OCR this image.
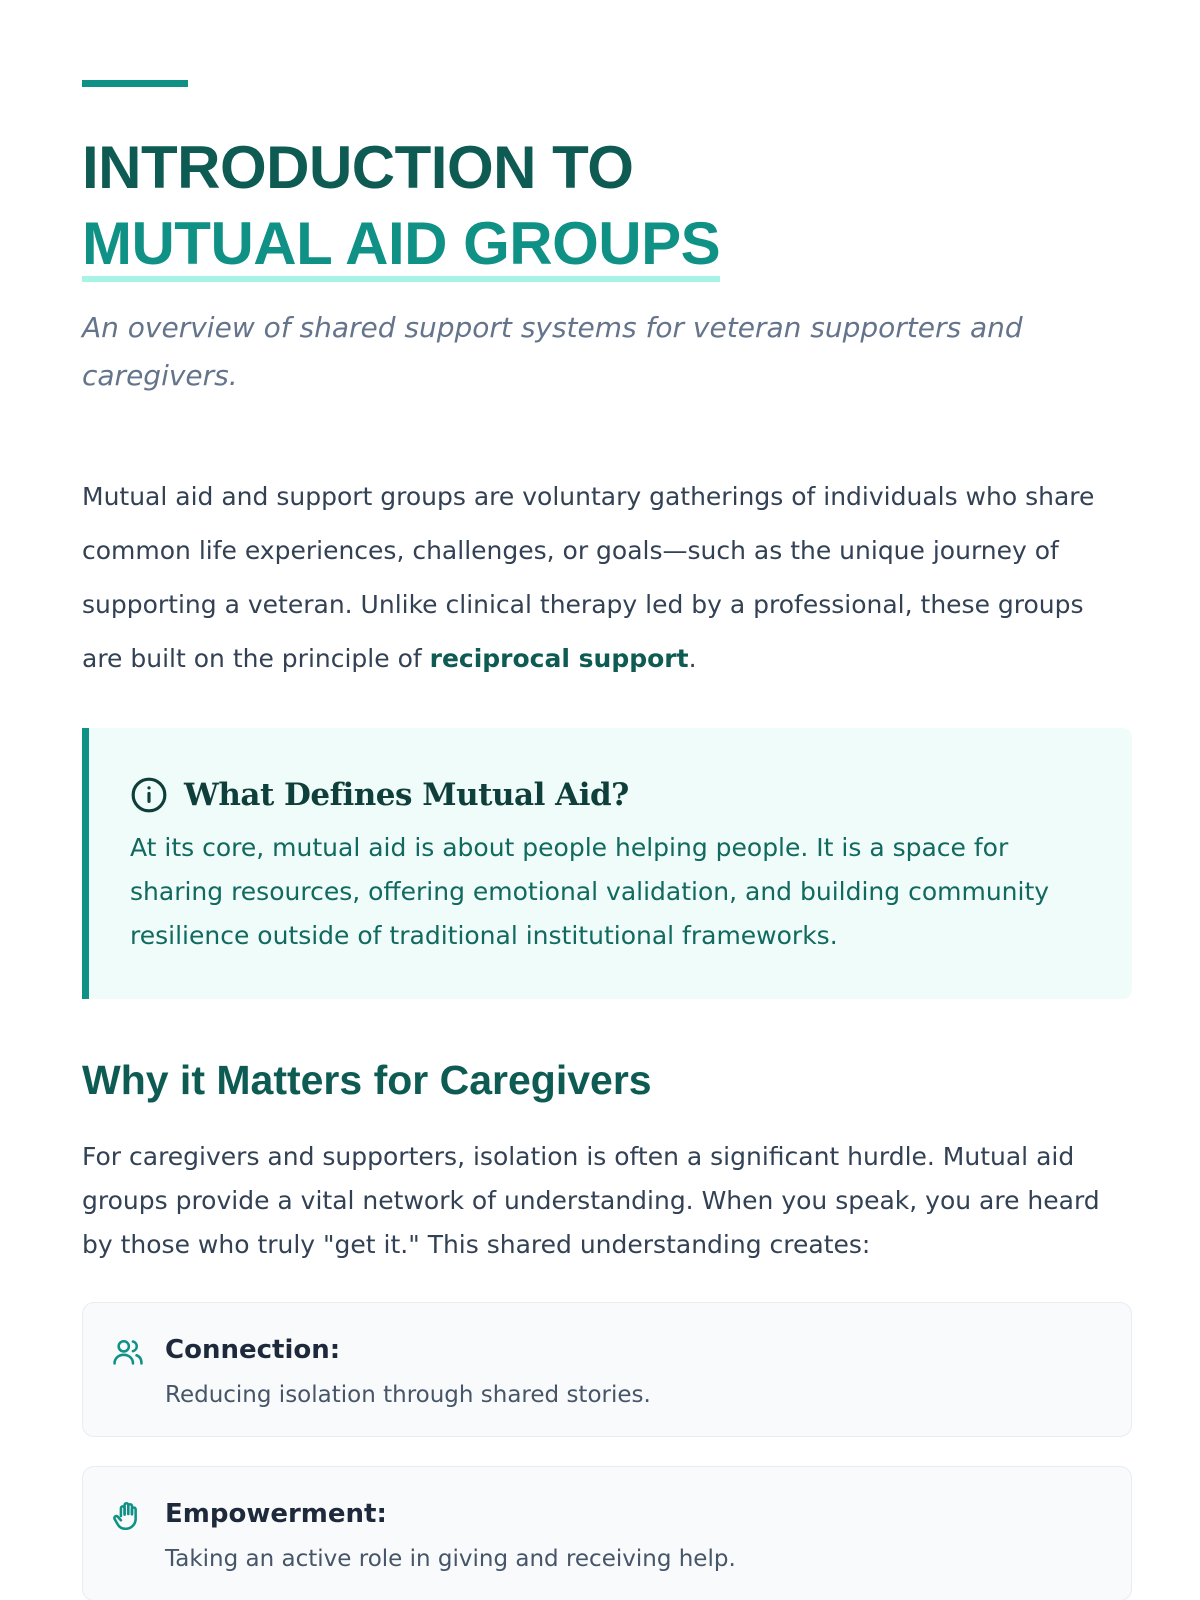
INTRODUCTION TO
MUTUAL AID GROUPS

An overview of shared support systems for veteran supporters and caregivers.

Mutual aid and support groups are voluntary gatherings of individuals who share common life experiences, challenges, or goals—such as the unique journey of supporting a veteran. Unlike clinical therapy led by a professional, these groups are built on the principle of reciprocal support.

What Defines Mutual Aid?

At its core, mutual aid is about people helping people. It is a space for sharing resources, offering emotional validation, and building community resilience outside of traditional institutional frameworks.

Why it Matters for Caregivers

For caregivers and supporters, isolation is often a significant hurdle. Mutual aid groups provide a vital network of understanding. When you speak, you are heard by those who truly "get it." This shared understanding creates:

Connection:
Reducing isolation through shared stories.
Empowerment:
Taking an active role in giving and receiving help.
